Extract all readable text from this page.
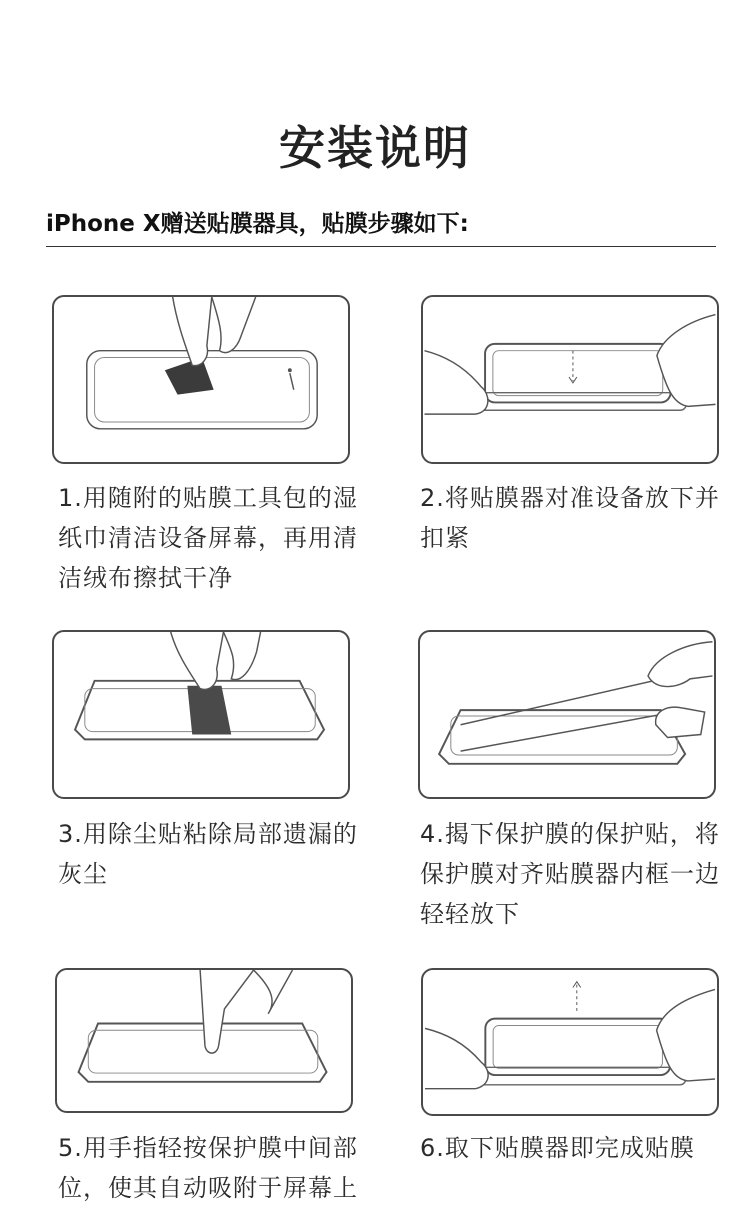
安装说明
iPhone X赠送贴膜器具，贴膜步骤如下:
1.用随附的贴膜工具包的湿纸巾清洁设备屏幕，再用清洁绒布擦拭干净
2.将贴膜器对准设备放下并扣紧
3.用除尘贴粘除局部遗漏的灰尘
4.揭下保护膜的保护贴，将保护膜对齐贴膜器内框一边轻轻放下
5.用手指轻按保护膜中间部位，使其自动吸附于屏幕上
6.取下贴膜器即完成贴膜
